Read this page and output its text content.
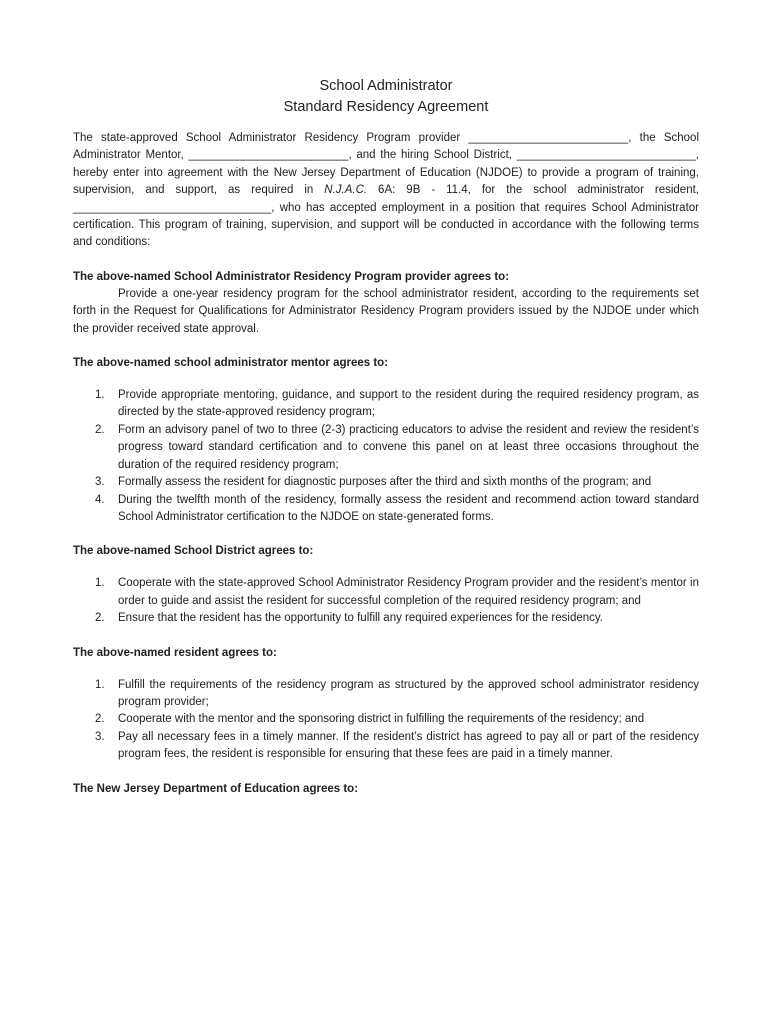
School Administrator
Standard Residency Agreement

The state-approved School Administrator Residency Program provider _________________________, the School Administrator Mentor, _________________________, and the hiring School District, ____________________________, hereby enter into agreement with the New Jersey Department of Education (NJDOE) to provide a program of training, supervision, and support, as required in N.J.A.C. 6A: 9B - 11.4, for the school administrator resident, _______________________________, who has accepted employment in a position that requires School Administrator certification. This program of training, supervision, and support will be conducted in accordance with the following terms and conditions:

The above-named School Administrator Residency Program provider agrees to:

Provide a one-year residency program for the school administrator resident, according to the requirements set forth in the Request for Qualifications for Administrator Residency Program providers issued by the NJDOE under which the provider received state approval.

The above-named school administrator mentor agrees to:
1. Provide appropriate mentoring, guidance, and support to the resident during the required residency program, as directed by the state-approved residency program;
2. Form an advisory panel of two to three (2-3) practicing educators to advise the resident and review the resident’s progress toward standard certification and to convene this panel on at least three occasions throughout the duration of the required residency program;
3. Formally assess the resident for diagnostic purposes after the third and sixth months of the program; and
4. During the twelfth month of the residency, formally assess the resident and recommend action toward standard School Administrator certification to the NJDOE on state-generated forms.
The above-named School District agrees to:
1. Cooperate with the state-approved School Administrator Residency Program provider and the resident’s mentor in order to guide and assist the resident for successful completion of the required residency program; and
2. Ensure that the resident has the opportunity to fulfill any required experiences for the residency.
The above-named resident agrees to:
1. Fulfill the requirements of the residency program as structured by the approved school administrator residency program provider;
2. Cooperate with the mentor and the sponsoring district in fulfilling the requirements of the residency; and
3. Pay all necessary fees in a timely manner. If the resident’s district has agreed to pay all or part of the residency program fees, the resident is responsible for ensuring that these fees are paid in a timely manner.
The New Jersey Department of Education agrees to:
